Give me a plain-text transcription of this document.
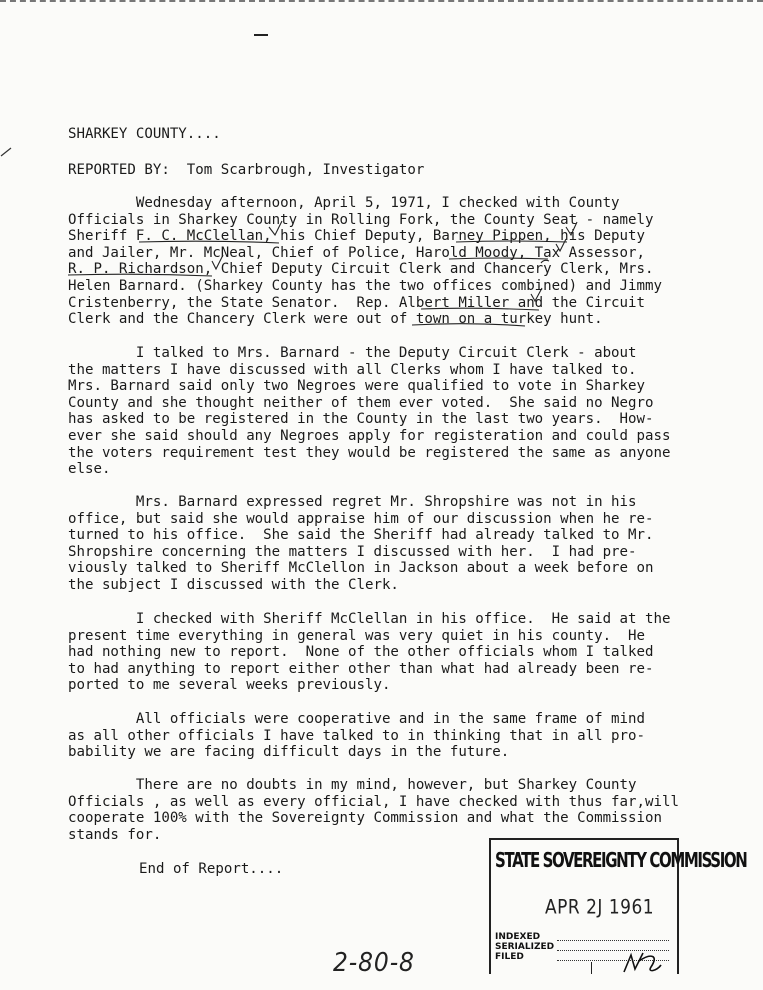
SHARKEY COUNTY....
REPORTED BY:  Tom Scarbrough, Investigator
Wednesday afternoon, April 5, 1971, I checked with County
Officials in Sharkey County in Rolling Fork, the County Seat - namely
Sheriff F. C. McClellan, his Chief Deputy, Barney Pippen, his Deputy
and Jailer, Mr. McNeal, Chief of Police, Harold Moody, Tax Assessor,
R. P. Richardson, Chief Deputy Circuit Clerk and Chancery Clerk, Mrs.
Helen Barnard. (Sharkey County has the two offices combined) and Jimmy
Cristenberry, the State Senator.  Rep. Albert Miller and the Circuit
Clerk and the Chancery Clerk were out of town on a turkey hunt.
I talked to Mrs. Barnard - the Deputy Circuit Clerk - about
the matters I have discussed with all Clerks whom I have talked to.
Mrs. Barnard said only two Negroes were qualified to vote in Sharkey
County and she thought neither of them ever voted.  She said no Negro
has asked to be registered in the County in the last two years.  How-
ever she said should any Negroes apply for registeration and could pass
the voters requirement test they would be registered the same as anyone
else.
Mrs. Barnard expressed regret Mr. Shropshire was not in his
office, but said she would appraise him of our discussion when he re-
turned to his office.  She said the Sheriff had already talked to Mr.
Shropshire concerning the matters I discussed with her.  I had pre-
viously talked to Sheriff McClellon in Jackson about a week before on
the subject I discussed with the Clerk.
I checked with Sheriff McClellan in his office.  He said at the
present time everything in general was very quiet in his county.  He
had nothing new to report.  None of the other officials whom I talked
to had anything to report either other than what had already been re-
ported to me several weeks previously.
All officials were cooperative and in the same frame of mind
as all other officials I have talked to in thinking that in all pro-
bability we are facing difficult days in the future.
There are no doubts in my mind, however, but Sharkey County
Officials , as well as every official, I have checked with thus far,will
cooperate 100% with the Sovereignty Commission and what the Commission
stands for.
End of Report....	STATE SOVEREIGNTY COMMISSION
APR 2J 1961
INDEXED
SERIALIZED
FILED
2-80-8
